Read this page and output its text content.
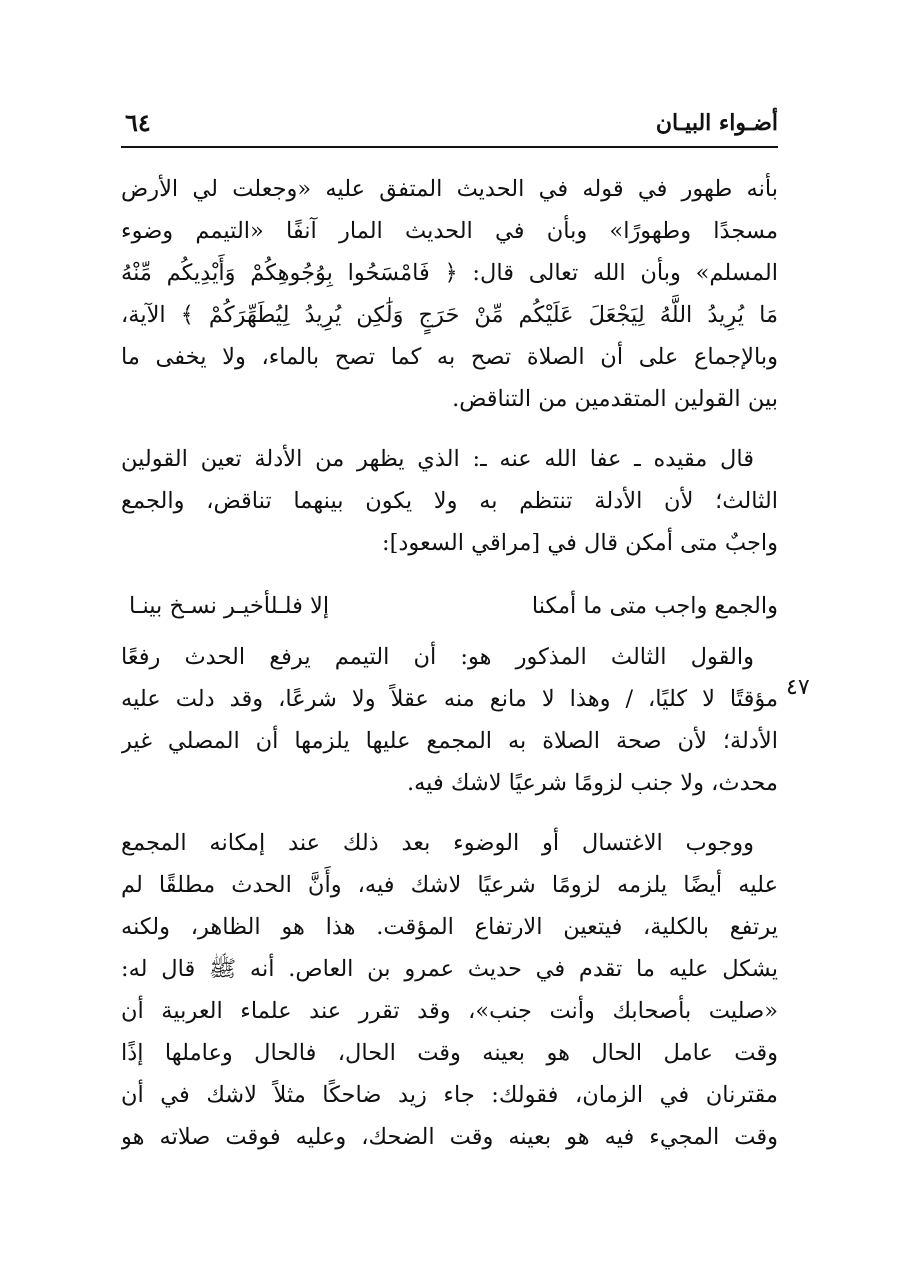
أضـواء البيـان
٦٤
بأنه طهور في قوله في الحديث المتفق عليه «وجعلت لي الأرض
مسجدًا وطهورًا» وبأن في الحديث المار آنفًا «التيمم وضوء
المسلم» وبأن الله تعالى قال: ﴿ فَامْسَحُوا بِوُجُوهِكُمْ وَأَيْدِيكُم مِّنْهُ
مَا يُرِيدُ اللَّهُ لِيَجْعَلَ عَلَيْكُم مِّنْ حَرَجٍ وَلَٰكِن يُرِيدُ لِيُطَهِّرَكُمْ ﴾ الآية،
وبالإجماع على أن الصلاة تصح به كما تصح بالماء، ولا يخفى ما
بين القولين المتقدمين من التناقض.
قال مقيده ـ عفا الله عنه ـ: الذي يظهر من الأدلة تعين القولين
الثالث؛ لأن الأدلة تنتظم به ولا يكون بينهما تناقض، والجمع
واجبٌ متى أمكن قال في [مراقي السعود]:
والجمع واجب متى ما أمكنا
إلا فلـلأخيـر نسـخ بينـا
والقول الثالث المذكور هو: أن التيمم يرفع الحدث رفعًا
مؤقتًا لا كليًا، / وهذا لا مانع منه عقلاً ولا شرعًا، وقد دلت عليه
الأدلة؛ لأن صحة الصلاة به المجمع عليها يلزمها أن المصلي غير
محدث، ولا جنب لزومًا شرعيًا لاشك فيه.
٤٧
ووجوب الاغتسال أو الوضوء بعد ذلك عند إمكانه المجمع
عليه أيضًا يلزمه لزومًا شرعيًا لاشك فيه، وأَنَّ الحدث مطلقًا لم
يرتفع بالكلية، فيتعين الارتفاع المؤقت. هذا هو الظاهر، ولكنه
يشكل عليه ما تقدم في حديث عمرو بن العاص. أنه ﷺ قال له:
«صليت بأصحابك وأنت جنب»، وقد تقرر عند علماء العربية أن
وقت عامل الحال هو بعينه وقت الحال، فالحال وعاملها إذًا
مقترنان في الزمان، فقولك: جاء زيد ضاحكًا مثلاً لاشك في أن
وقت المجيء فيه هو بعينه وقت الضحك، وعليه فوقت صلاته هو
